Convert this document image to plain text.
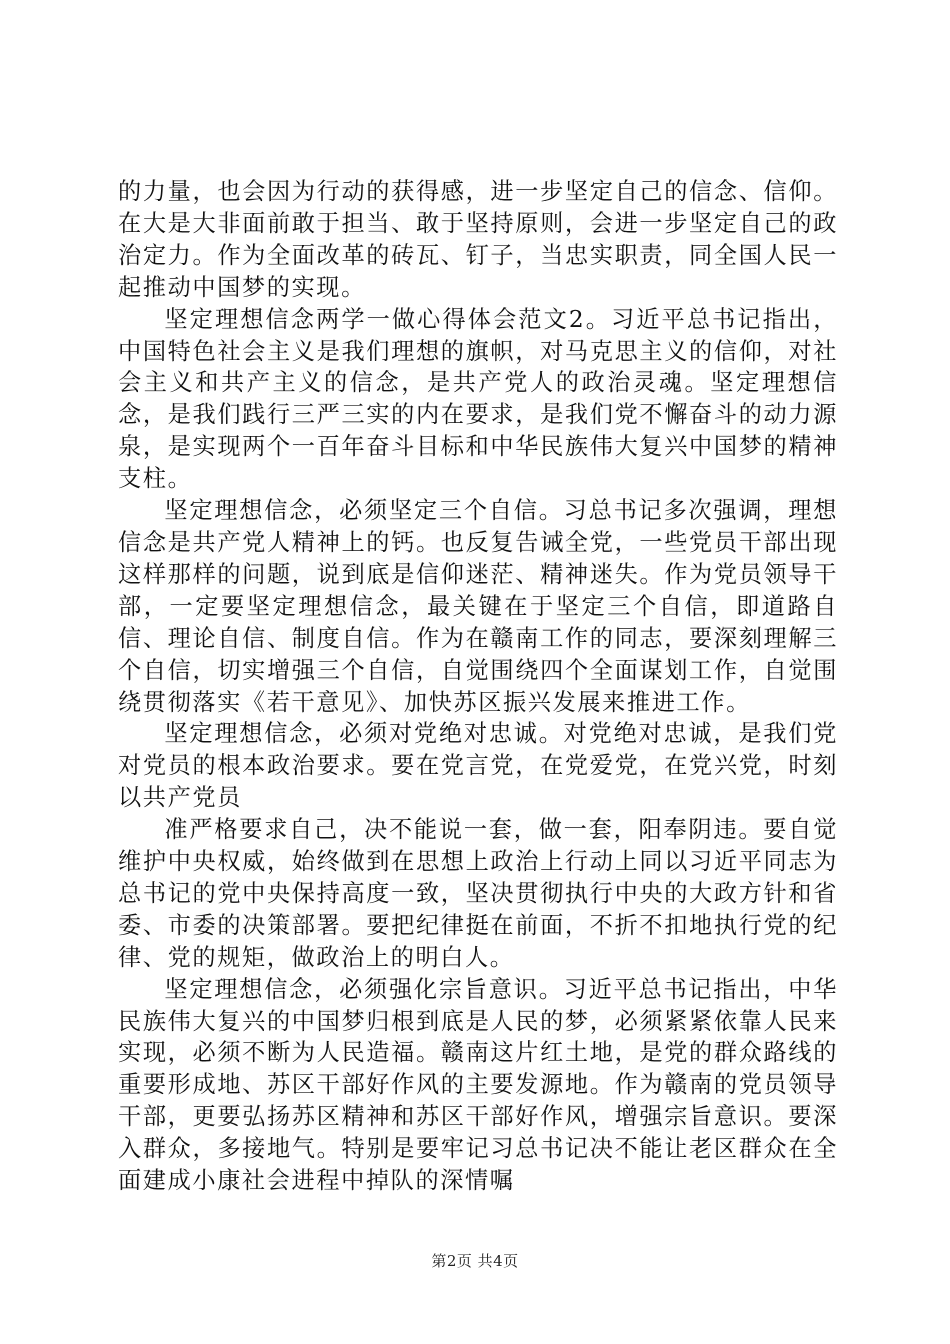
的力量，也会因为行动的获得感，进一步坚定自己的信念、信仰。在大是大非面前敢于担当、敢于坚持原则，会进一步坚定自己的政治定力。作为全面改革的砖瓦、钉子，当忠实职责，同全国人民一起推动中国梦的实现。

坚定理想信念两学一做心得体会范文2。习近平总书记指出，中国特色社会主义是我们理想的旗帜，对马克思主义的信仰，对社会主义和共产主义的信念，是共产党人的政治灵魂。坚定理想信念，是我们践行三严三实的内在要求，是我们党不懈奋斗的动力源泉，是实现两个一百年奋斗目标和中华民族伟大复兴中国梦的精神支柱。

坚定理想信念，必须坚定三个自信。习总书记多次强调，理想信念是共产党人精神上的钙。也反复告诫全党，一些党员干部出现这样那样的问题，说到底是信仰迷茫、精神迷失。作为党员领导干部，一定要坚定理想信念，最关键在于坚定三个自信，即道路自信、理论自信、制度自信。作为在赣南工作的同志，要深刻理解三个自信，切实增强三个自信，自觉围绕四个全面谋划工作，自觉围绕贯彻落实《若干意见》、加快苏区振兴发展来推进工作。

坚定理想信念，必须对党绝对忠诚。对党绝对忠诚，是我们党对党员的根本政治要求。要在党言党，在党爱党，在党兴党，时刻以共产党员

准严格要求自己，决不能说一套，做一套，阳奉阴违。要自觉维护中央权威，始终做到在思想上政治上行动上同以习近平同志为总书记的党中央保持高度一致，坚决贯彻执行中央的大政方针和省委、市委的决策部署。要把纪律挺在前面，不折不扣地执行党的纪律、党的规矩，做政治上的明白人。

坚定理想信念，必须强化宗旨意识。习近平总书记指出，中华民族伟大复兴的中国梦归根到底是人民的梦，必须紧紧依靠人民来实现，必须不断为人民造福。赣南这片红土地，是党的群众路线的重要形成地、苏区干部好作风的主要发源地。作为赣南的党员领导干部，更要弘扬苏区精神和苏区干部好作风，增强宗旨意识。要深入群众，多接地气。特别是要牢记习总书记决不能让老区群众在全面建成小康社会进程中掉队的深情嘱

第2页 共4页
